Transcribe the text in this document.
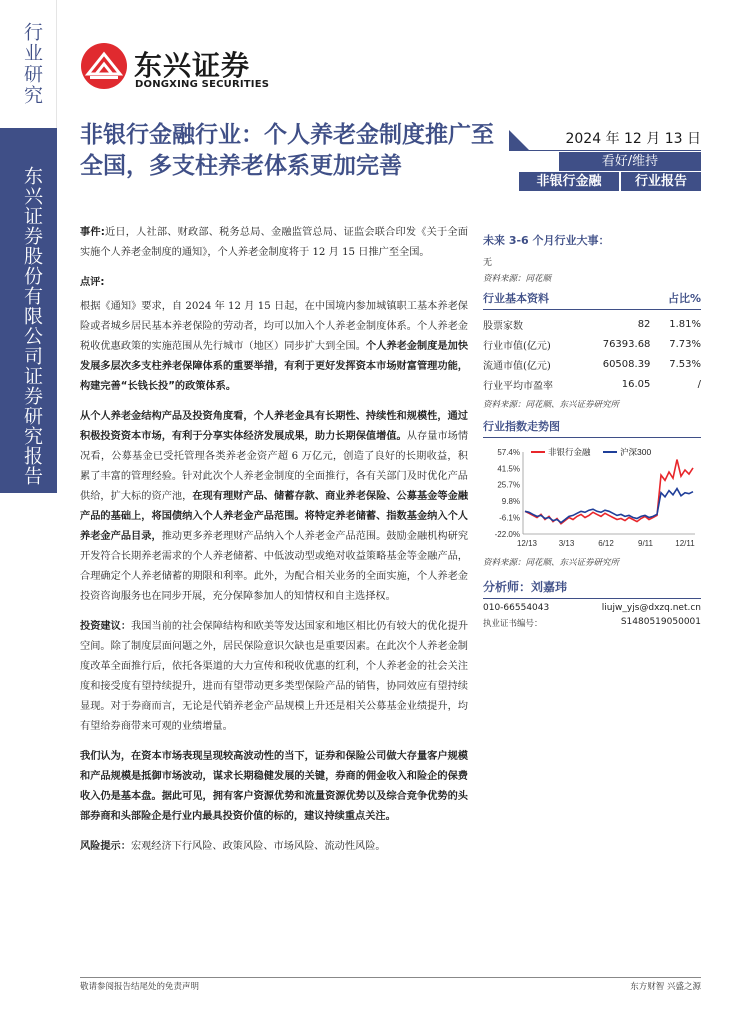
行业研究
东兴证券股份有限公司证券研究报告
东兴证券
DONGXING SECURITIES
非银行金融行业：个人养老金制度推广至全国，多支柱养老体系更加完善
2024 年 12 月 13 日
看好/维持
非银行金融	行业报告

事件:近日，人社部、财政部、税务总局、金融监管总局、证监会联合印发《关于全面实施个人养老金制度的通知》，个人养老金制度将于 12 月 15 日推广至全国。

点评:

根据《通知》要求，自 2024 年 12 月 15 日起，在中国境内参加城镇职工基本养老保险或者城乡居民基本养老保险的劳动者，均可以加入个人养老金制度体系。个人养老金税收优惠政策的实施范围从先行城市（地区）同步扩大到全国。个人养老金制度是加快发展多层次多支柱养老保障体系的重要举措，有利于更好发挥资本市场财富管理功能，构建完善“长钱长投”的政策体系。

从个人养老金结构产品及投资角度看，个人养老金具有长期性、持续性和规模性，通过积极投资资本市场，有利于分享实体经济发展成果，助力长期保值增值。从存量市场情况看，公募基金已受托管理各类养老金资产超 6 万亿元，创造了良好的长期收益，积累了丰富的管理经验。针对此次个人养老金制度的全面推行，各有关部门及时优化产品供给，扩大标的资产池，在现有理财产品、储蓄存款、商业养老保险、公募基金等金融产品的基础上，将国债纳入个人养老金产品范围。将特定养老储蓄、指数基金纳入个人养老金产品目录，推动更多养老理财产品纳入个人养老金产品范围。鼓励金融机构研究开发符合长期养老需求的个人养老储蓄、中低波动型或绝对收益策略基金等金融产品，合理确定个人养老储蓄的期限和利率。此外，为配合相关业务的全面实施，个人养老金投资咨询服务也在同步开展，充分保障参加人的知情权和自主选择权。

投资建议：我国当前的社会保障结构和欧美等发达国家和地区相比仍有较大的优化提升空间。除了制度层面问题之外，居民保险意识欠缺也是重要因素。在此次个人养老金制度改革全面推行后，依托各渠道的大力宣传和税收优惠的红利，个人养老金的社会关注度和接受度有望持续提升，进而有望带动更多类型保险产品的销售，协同效应有望持续显现。对于券商而言，无论是代销养老金产品规模上升还是相关公募基金业绩提升，均有望给券商带来可观的业绩增量。

我们认为，在资本市场表现呈现较高波动性的当下，证券和保险公司做大存量客户规模和产品规模是抵御市场波动，谋求长期稳健发展的关键，券商的佣金收入和险企的保费收入仍是基本盘。据此可见，拥有客户资源优势和流量资源优势以及综合竞争优势的头部券商和头部险企是行业内最具投资价值的标的，建议持续重点关注。

风险提示：宏观经济下行风险、政策风险、市场风险、流动性风险。

未来 3-6 个月行业大事：
无
资料来源：同花顺
行业基本资料	占比%
股票家数	82	1.81%
行业市值(亿元)	76393.68	7.73%
流通市值(亿元)	60508.39	7.53%
行业平均市盈率	16.05	/
资料来源：同花顺、东兴证券研究所
行业指数走势图
57.4%
41.5%
25.7%
9.8%
-6.1%
-22.0%
12/13	3/13	6/12	9/11	12/11
非银行金融	沪深300
资料来源：同花顺、东兴证券研究所
分析师：刘嘉玮
010-66554043	liujw_yjs@dxzq.net.cn
执业证书编号：	S1480519050001
敬请参阅报告结尾处的免责声明	东方财智 兴盛之源
